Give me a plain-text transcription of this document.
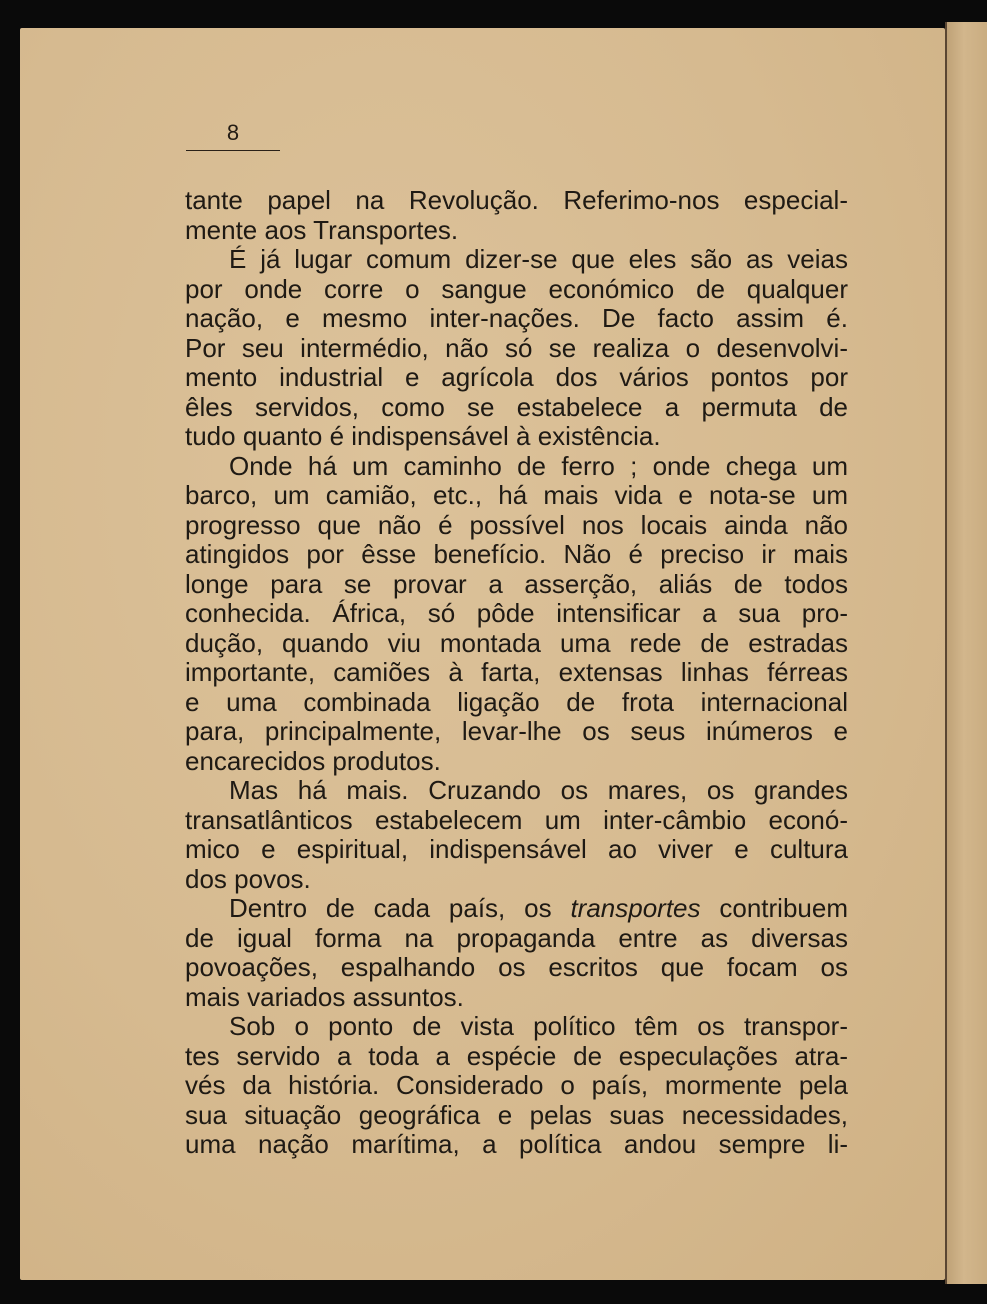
8
tante papel na Revolução. Referimo-nos especial-
mente aos Transportes.
É já lugar comum dizer-se que eles são as veias
por onde corre o sangue económico de qualquer
nação, e mesmo inter-nações. De facto assim é.
Por seu intermédio, não só se realiza o desenvolvi-
mento industrial e agrícola dos vários pontos por
êles servidos, como se estabelece a permuta de
tudo quanto é indispensável à existência.
Onde há um caminho de ferro ; onde chega um
barco, um camião, etc., há mais vida e nota-se um
progresso que não é possível nos locais ainda não
atingidos por êsse benefício. Não é preciso ir mais
longe para se provar a asserção, aliás de todos
conhecida. África, só pôde intensificar a sua pro-
dução, quando viu montada uma rede de estradas
importante, camiões à farta, extensas linhas férreas
e uma combinada ligação de frota internacional
para, principalmente, levar-lhe os seus inúmeros e
encarecidos produtos.
Mas há mais. Cruzando os mares, os grandes
transatlânticos estabelecem um inter-câmbio econó-
mico e espiritual, indispensável ao viver e cultura
dos povos.
Dentro de cada país, os transportes contribuem
de igual forma na propaganda entre as diversas
povoações, espalhando os escritos que focam os
mais variados assuntos.
Sob o ponto de vista político têm os transpor-
tes servido a toda a espécie de especulações atra-
vés da história. Considerado o país, mormente pela
sua situação geográfica e pelas suas necessidades,
uma nação marítima, a política andou sempre li-
